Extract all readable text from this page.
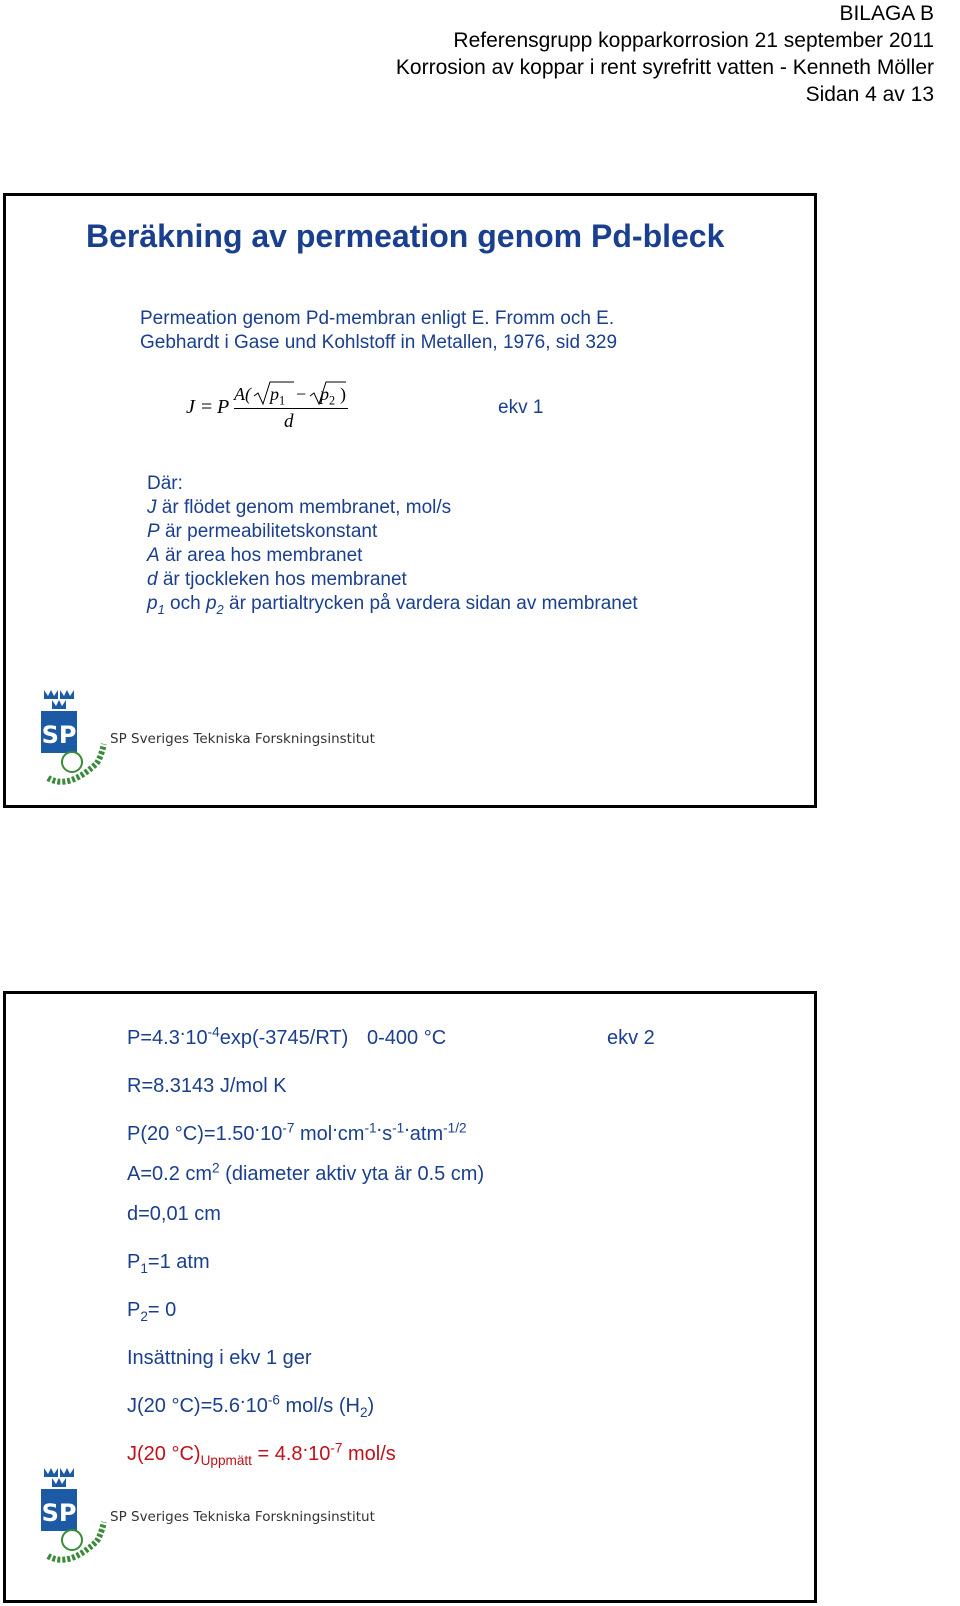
BILAGA B
Referensgrupp kopparkorrosion 21 september 2011
Korrosion av koppar i rent syrefritt vatten - Kenneth Möller
Sidan 4 av 13
Beräkning av permeation genom Pd-bleck
Permeation genom Pd-membran enligt E. Fromm och E.
Gebhardt i Gase und Kohlstoff in Metallen, 1976, sid 329
J = P
A( $p_1 - p_2$ )
d
ekv 1
Där:
J är flödet genom membranet, mol/s
P är permeabilitetskonstant
A är area hos membranet
d är tjockleken hos membranet
$p_1$ och $p_2$ är partialtrycken på vardera sidan av membranet
SP SP Sveriges Tekniska Forskningsinstitut
$P=4.3.10^{-4}\exp(-3745/RT)$ 0-400 °C	ekv 2
R=8.3143 J/mol K
P(20 $^\circ C)=1.50.10^{-7}$ $mol.cm^{-1}.s^{-1}.atm^{-1/2}$
A=0.2 $cm^2$ (diameter aktiv yta är 0.5 cm)
d=0,01 cm
$P_1=1$ atm
$P_2= 0$
Insättning i ekv 1 ger
J(20 $^\circ C)=5.6.10^{-6}$ mol/s $(H_2)$
J(20 $^\circ C)_{Uppmätt} = 4.8.10^{-7}$ mol/s
SP SP Sveriges Tekniska Forskningsinstitut
